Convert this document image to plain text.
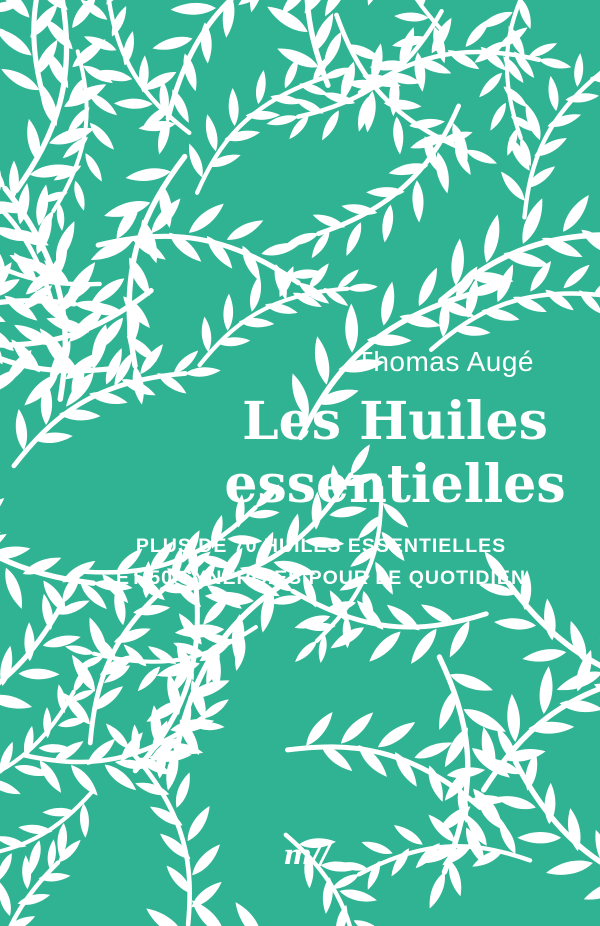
Thomas Augé
Les Huiles
essentielles
PLUS DE 70 HUILES ESSENTIELLES
ET 50 SYNERGIES POUR LE QUOTIDIEN
m//
